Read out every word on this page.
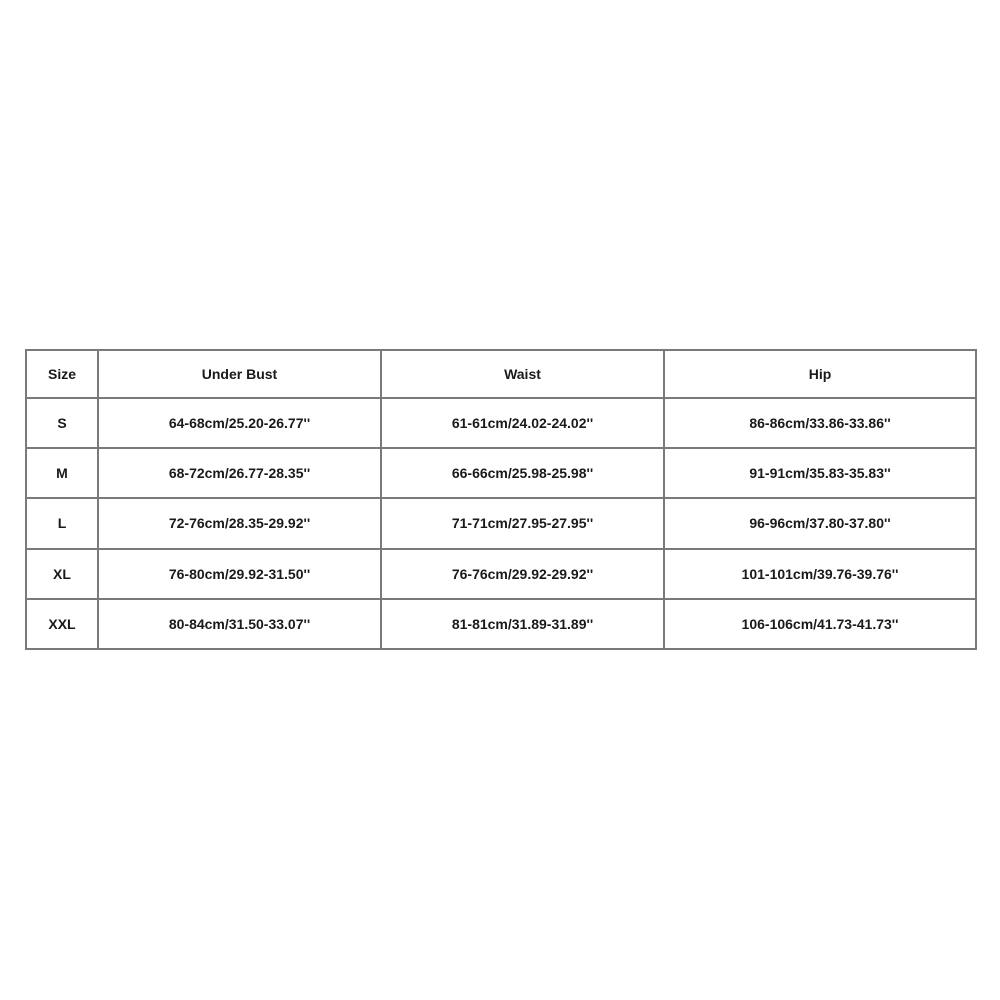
Size	Under Bust	Waist	Hip
S	64-68cm/25.20-26.77''	61-61cm/24.02-24.02''	86-86cm/33.86-33.86''
M	68-72cm/26.77-28.35''	66-66cm/25.98-25.98''	91-91cm/35.83-35.83''
L	72-76cm/28.35-29.92''	71-71cm/27.95-27.95''	96-96cm/37.80-37.80''
XL	76-80cm/29.92-31.50''	76-76cm/29.92-29.92''	101-101cm/39.76-39.76''
XXL	80-84cm/31.50-33.07''	81-81cm/31.89-31.89''	106-106cm/41.73-41.73''
